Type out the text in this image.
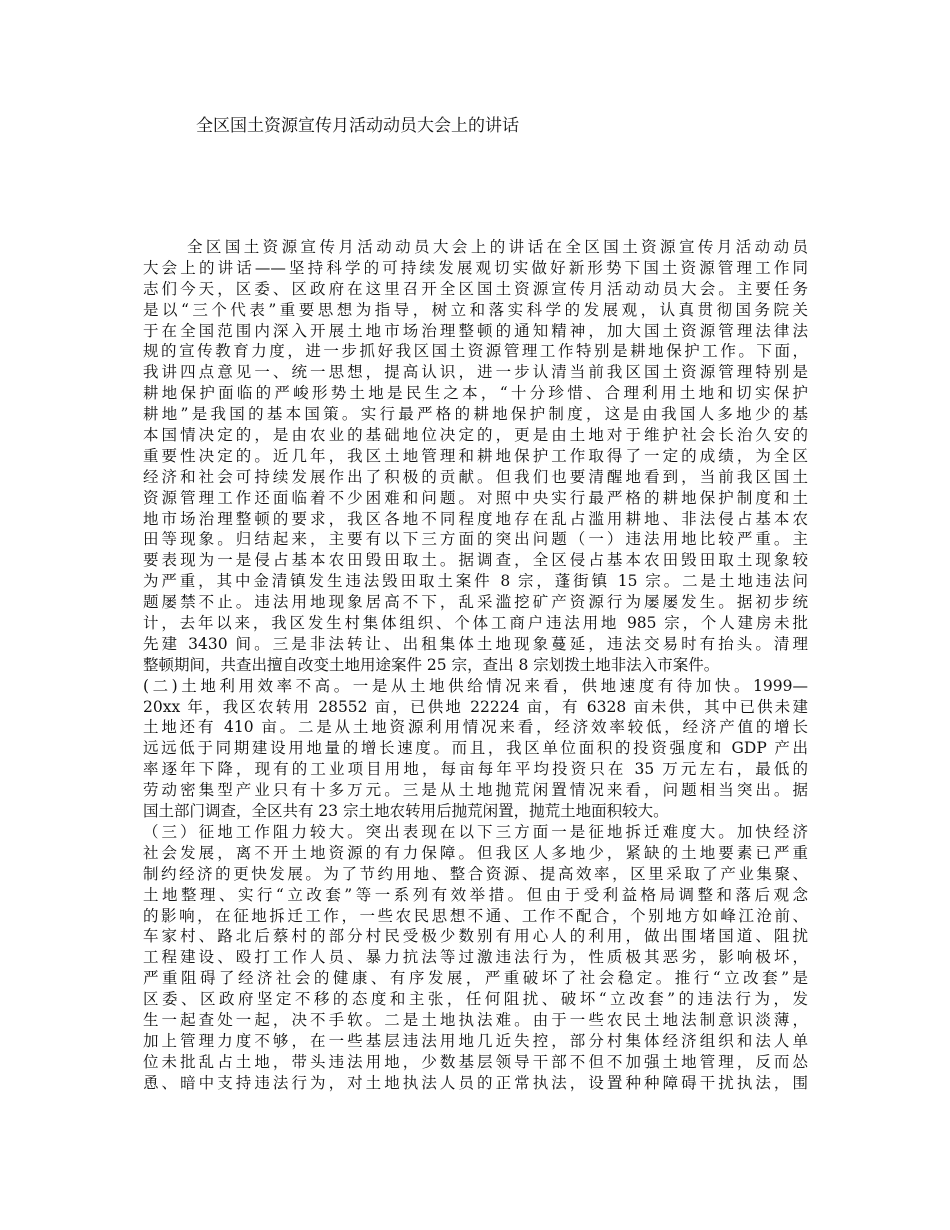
全区国土资源宣传月活动动员大会上的讲话
全区国土资源宣传月活动动员大会上的讲话在全区国土资源宣传月活动动员
大会上的讲话——坚持科学的可持续发展观切实做好新形势下国土资源管理工作同
志们今天，区委、区政府在这里召开全区国土资源宣传月活动动员大会。主要任务
是以“三个代表”重要思想为指导，树立和落实科学的发展观，认真贯彻国务院关
于在全国范围内深入开展土地市场治理整顿的通知精神，加大国土资源管理法律法
规的宣传教育力度，进一步抓好我区国土资源管理工作特别是耕地保护工作。下面，
我讲四点意见一、统一思想，提高认识，进一步认清当前我区国土资源管理特别是
耕地保护面临的严峻形势土地是民生之本，“十分珍惜、合理利用土地和切实保护
耕地”是我国的基本国策。实行最严格的耕地保护制度，这是由我国人多地少的基
本国情决定的，是由农业的基础地位决定的，更是由土地对于维护社会长治久安的
重要性决定的。近几年，我区土地管理和耕地保护工作取得了一定的成绩，为全区
经济和社会可持续发展作出了积极的贡献。但我们也要清醒地看到，当前我区国土
资源管理工作还面临着不少困难和问题。对照中央实行最严格的耕地保护制度和土
地市场治理整顿的要求，我区各地不同程度地存在乱占滥用耕地、非法侵占基本农
田等现象。归结起来，主要有以下三方面的突出问题（一）违法用地比较严重。主
要表现为一是侵占基本农田毁田取土。据调查，全区侵占基本农田毁田取土现象较
为严重，其中金清镇发生违法毁田取土案件 8 宗，蓬街镇 15 宗。二是土地违法问
题屡禁不止。违法用地现象居高不下，乱采滥挖矿产资源行为屡屡发生。据初步统
计，去年以来，我区发生村集体组织、个体工商户违法用地 985 宗，个人建房未批
先建 3430 间。三是非法转让、出租集体土地现象蔓延，违法交易时有抬头。清理
整顿期间，共查出擅自改变土地用途案件 25 宗，查出 8 宗划拨土地非法入市案件。
(二)土地利用效率不高。一是从土地供给情况来看，供地速度有待加快。1999—
20xx 年，我区农转用 28552 亩，已供地 22224 亩，有 6328 亩未供，其中已供未建
土地还有 410 亩。二是从土地资源利用情况来看，经济效率较低，经济产值的增长
远远低于同期建设用地量的增长速度。而且，我区单位面积的投资强度和 GDP 产出
率逐年下降，现有的工业项目用地，每亩每年平均投资只在 35 万元左右，最低的
劳动密集型产业只有十多万元。三是从土地抛荒闲置情况来看，问题相当突出。据
国土部门调查，全区共有 23 宗土地农转用后抛荒闲置，抛荒土地面积较大。
（三）征地工作阻力较大。突出表现在以下三方面一是征地拆迁难度大。加快经济
社会发展，离不开土地资源的有力保障。但我区人多地少，紧缺的土地要素已严重
制约经济的更快发展。为了节约用地、整合资源、提高效率，区里采取了产业集聚、
土地整理、实行“立改套”等一系列有效举措。但由于受利益格局调整和落后观念
的影响，在征地拆迁工作，一些农民思想不通、工作不配合，个别地方如峰江沧前、
车家村、路北后蔡村的部分村民受极少数别有用心人的利用，做出围堵国道、阻扰
工程建设、殴打工作人员、暴力抗法等过激违法行为，性质极其恶劣，影响极坏，
严重阻碍了经济社会的健康、有序发展，严重破坏了社会稳定。推行“立改套”是
区委、区政府坚定不移的态度和主张，任何阻扰、破坏“立改套”的违法行为，发
生一起查处一起，决不手软。二是土地执法难。由于一些农民土地法制意识淡薄，
加上管理力度不够，在一些基层违法用地几近失控，部分村集体经济组织和法人单
位未批乱占土地，带头违法用地，少数基层领导干部不但不加强土地管理，反而怂
恿、暗中支持违法行为，对土地执法人员的正常执法，设置种种障碍干扰执法，围
